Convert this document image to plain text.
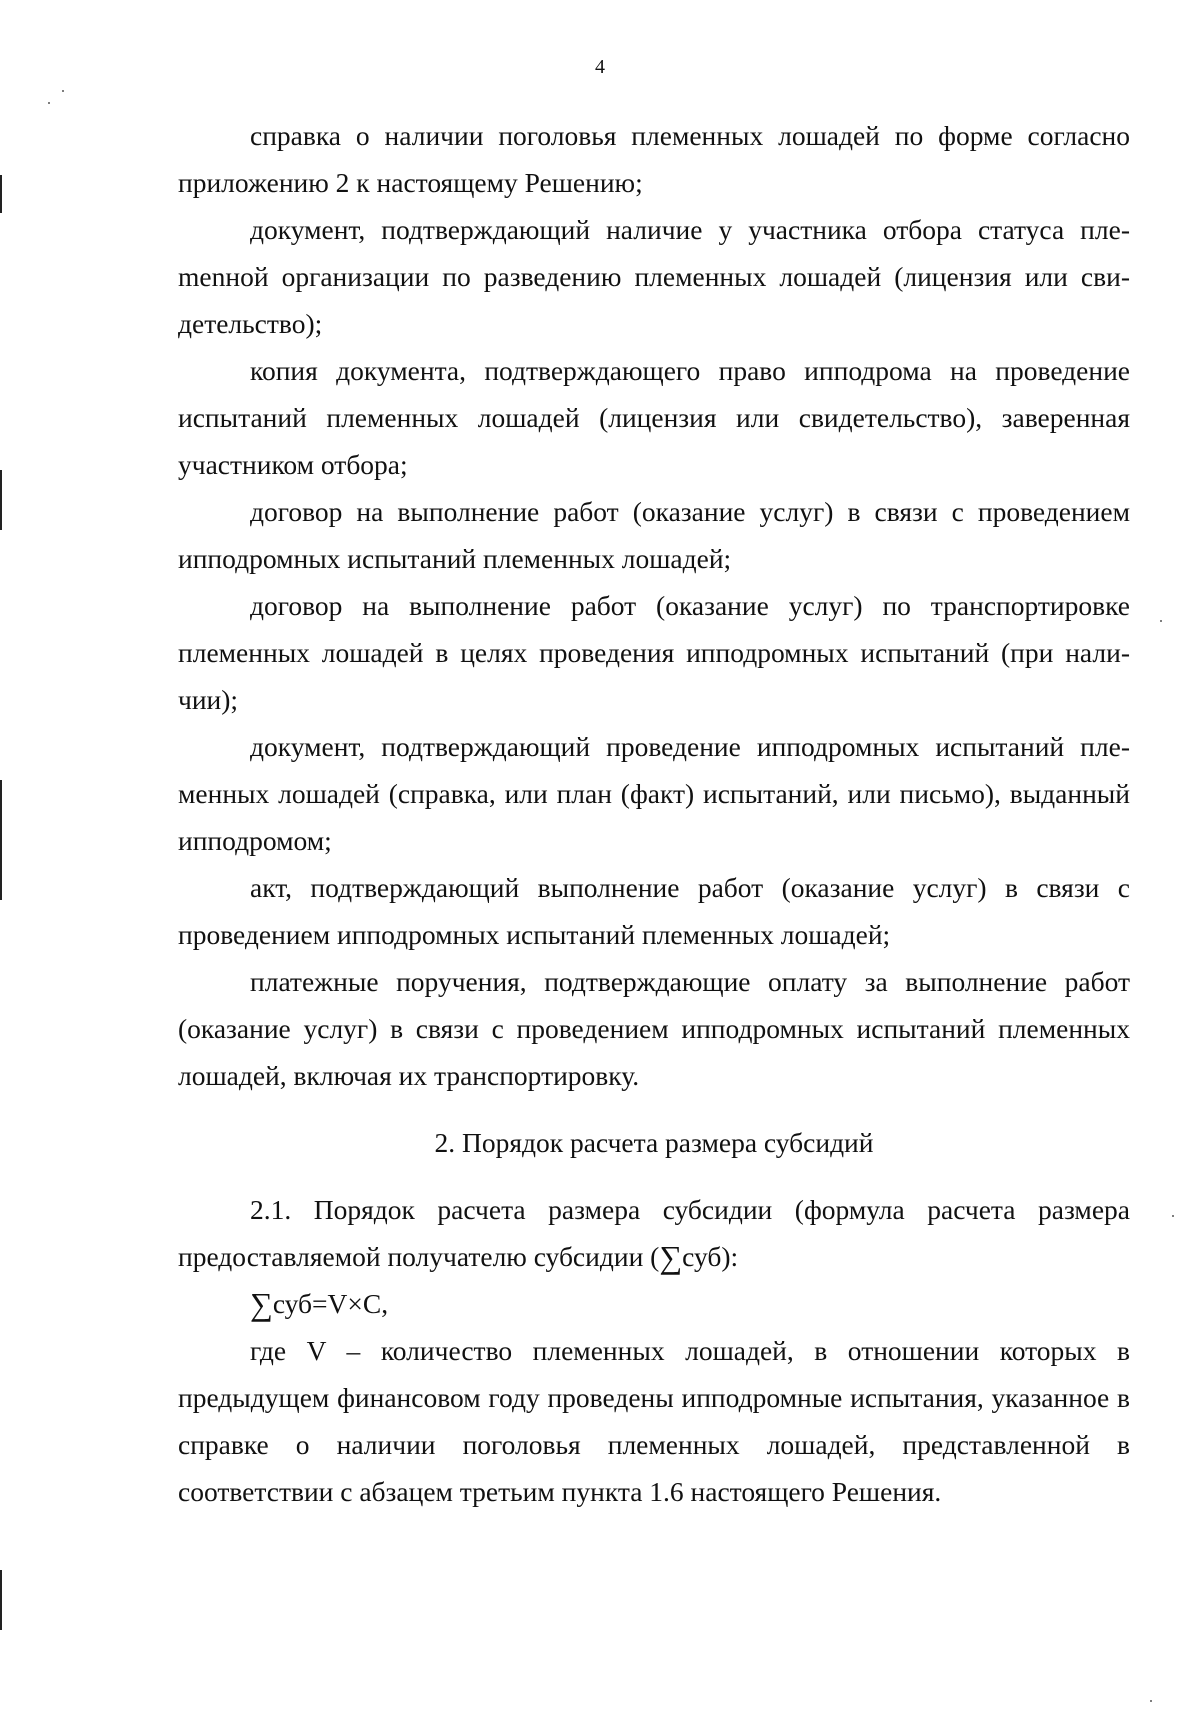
4

справка о наличии поголовья племенных лошадей по форме согласно приложению 2 к настоящему Решению;

документ, подтверждающий наличие у участника отбора статуса плеmenной организации по разведению племенных лошадей (лицензия или свидетельство);

копия документа, подтверждающего право ипподрома на проведение испытаний племенных лошадей (лицензия или свидетельство), заверенная участником отбора;

договор на выполнение работ (оказание услуг) в связи с проведением ипподромных испытаний племенных лошадей;

договор на выполнение работ (оказание услуг) по транспортировке племенных лошадей в целях проведения ипподромных испытаний (при наличии);

документ, подтверждающий проведение ипподромных испытаний племенных лошадей (справка, или план (факт) испытаний, или письмо), выданный ипподромом;

акт, подтверждающий выполнение работ (оказание услуг) в связи с проведением ипподромных испытаний племенных лошадей;

платежные поручения, подтверждающие оплату за выполнение работ (оказание услуг) в связи с проведением ипподромных испытаний племенных лошадей, включая их транспортировку.

2. Порядок расчета размера субсидий

2.1. Порядок расчета размера субсидии (формула расчета размера предоставляемой получателю субсидии (∑суб):

∑суб=V×C,

где V – количество племенных лошадей, в отношении которых в предыдущем финансовом году проведены ипподромные испытания, указанное в справке о наличии поголовья племенных лошадей, представленной в соответствии с абзацем третьим пункта 1.6 настоящего Решения.
